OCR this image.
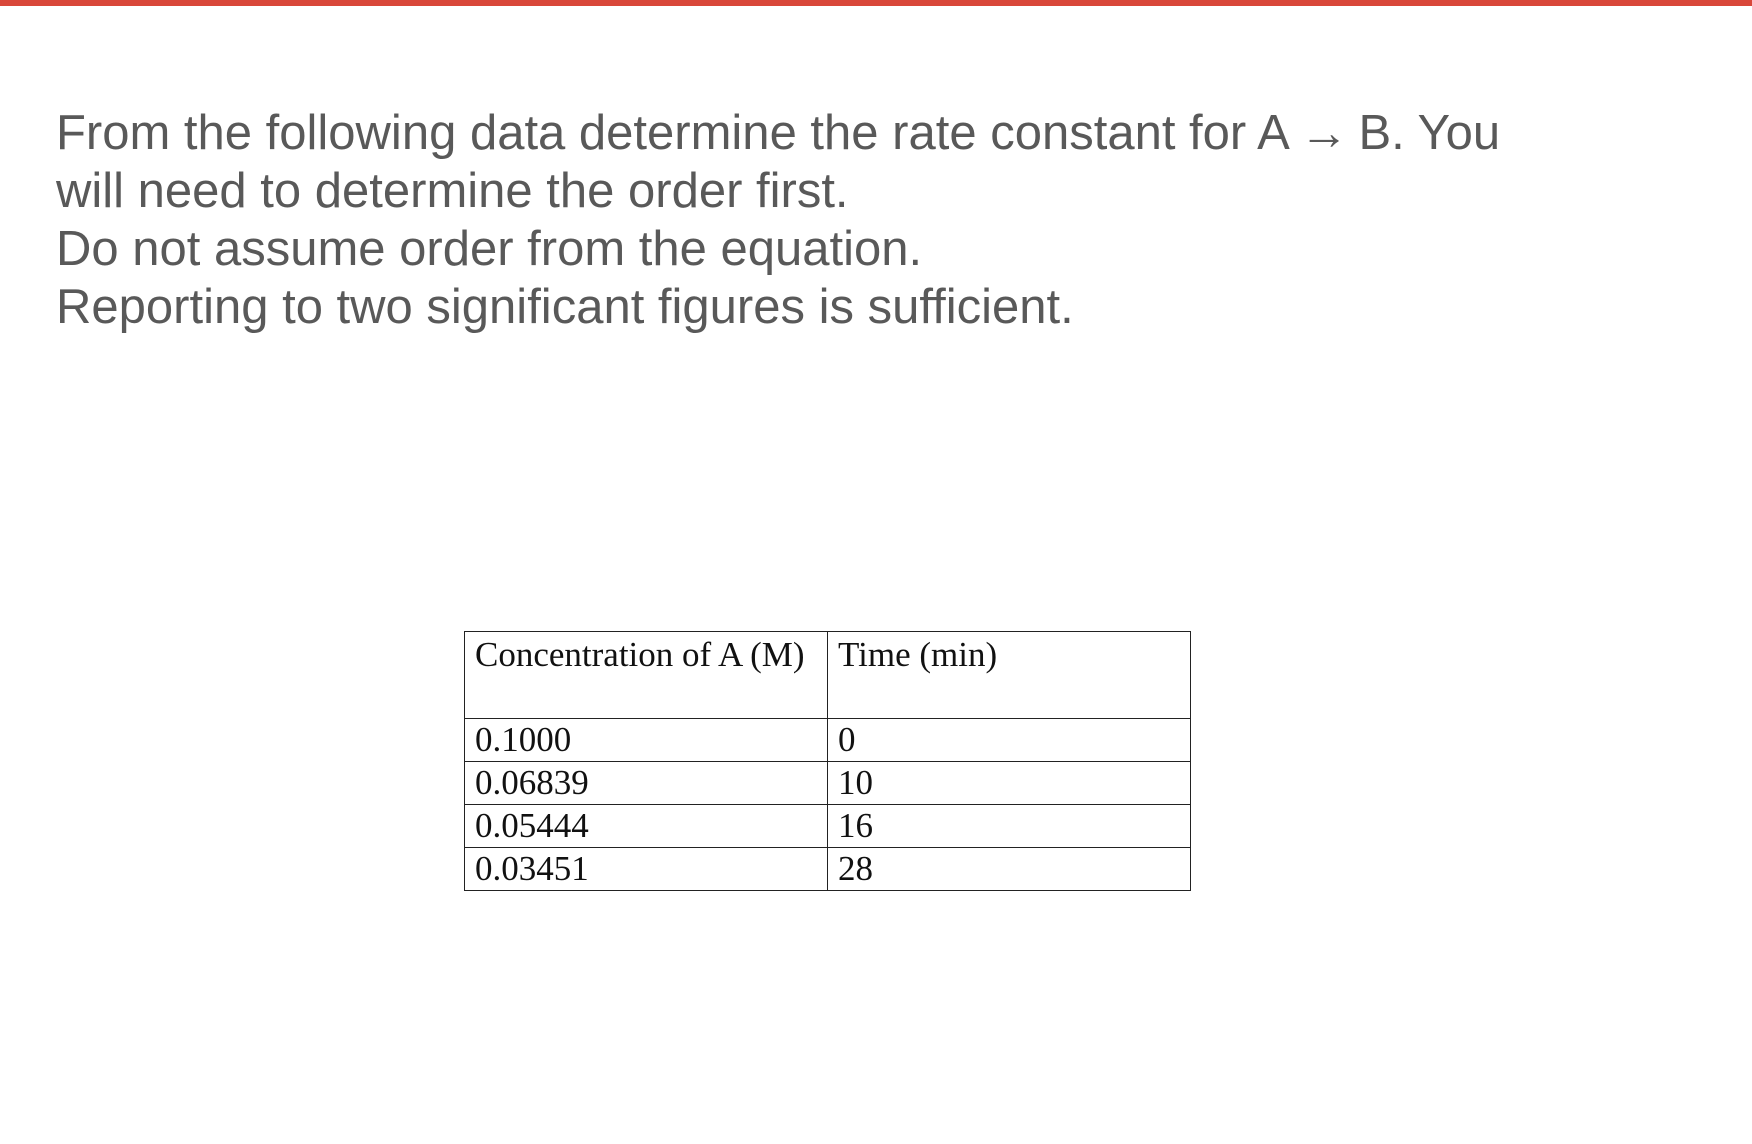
From the following data determine the rate constant for A → B. You

will need to determine the order first.

Do not assume order from the equation.

Reporting to two significant figures is sufficient.

Concentration of A (M)	Time (min)
0.1000	0
0.06839	10
0.05444	16
0.03451	28
